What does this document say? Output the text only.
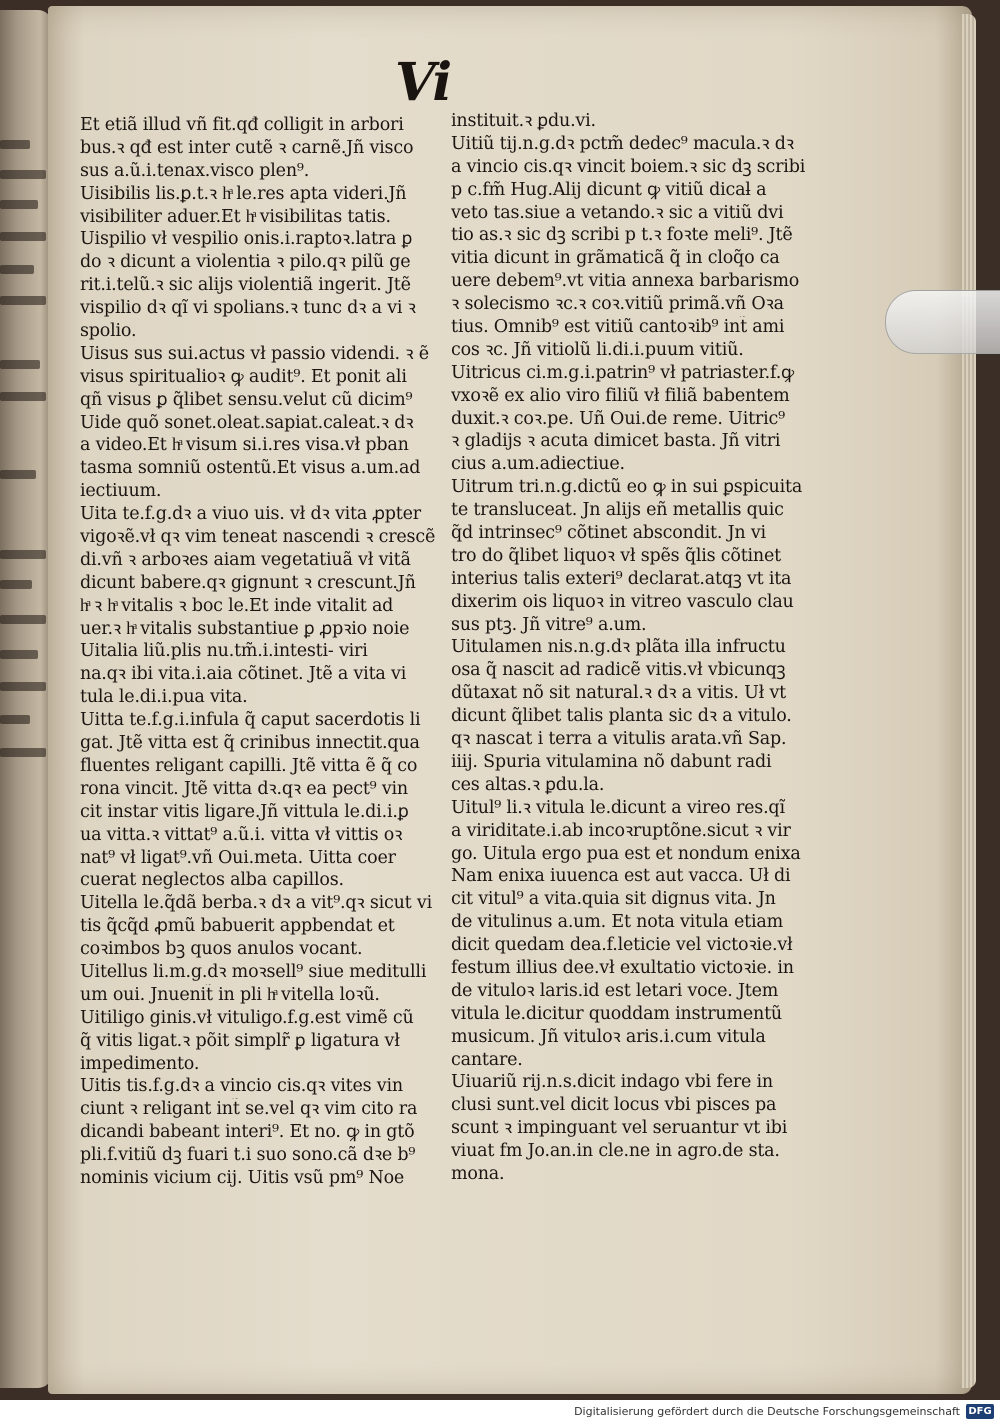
Vi
Et etiã illud vñ fit.qđ colligit in arbori
bus.ꝛ qđ est inter cutẽ ꝛ carnẽ.Jñ visco
sus a.ũ.i.tenax.visco plen⁹.
Uisibilis lis.ꝑ.t.ꝛ hͣ le.res apta videri.Jñ
visibiliter aduer.Et hͣ visibilitas tatis.
Uispilio vł vespilio onis.i.raptoꝛ.latra ꝑ
do ꝛ dicunt a violentia ꝛ pilo.qꝛ pilũ ge
rit.i.telũ.ꝛ sic alijs violentiã ingerit. Jtẽ
vispilio dꝛ qĩ vi spolians.ꝛ tunc dꝛ a vi ꝛ
spolio.
Uisus sus sui.actus vł passio videndi. ꝛ ẽ
visus spiritualioꝛ ꝙ audit⁹. Et ponit ali
qñ visus ꝑ q̃libet sensu.velut cũ dicim⁹
Uide quõ sonet.oleat.sapiat.caleat.ꝛ dꝛ
a video.Et hͣ visum si.i.res visa.vł pban
tasma somniũ ostentũ.Et visus a.um.ad
iectiuum.
Uita te.f.g.dꝛ a viuo uis. vł dꝛ vita ꝓpter
vigoꝛẽ.vł qꝛ vim teneat nascendi ꝛ crescẽ
di.vñ ꝛ arboꝛes aiam vegetatiuã vł vitã
dicunt babere.qꝛ gignunt ꝛ crescunt.Jñ
hͣ ꝛ hͣ vitalis ꝛ boc le.Et inde vitalit ad
uer.ꝛ hͣ vitalis substantiue ꝑ ꝓpꝛio noie
Uitalia liũ.plis nu.tm̃.i.intesti- viri
na.qꝛ ibi vita.i.aia cõtinet. Jtẽ a vita vi
tula le.di.i.pua vita.
Uitta te.f.g.i.infula q̃ caput sacerdotis li
gat. Jtẽ vitta est q̃ crinibus innectit.qua
fluentes religant capilli. Jtẽ vitta ẽ q̃ co
rona vincit. Jtẽ vitta dꝛ.qꝛ ea pect⁹ vin
cit instar vitis ligare.Jñ vittula le.di.i.ꝑ
ua vitta.ꝛ vittat⁹ a.ũ.i. vitta vł vittis oꝛ
nat⁹ vł ligat⁹.vñ Oui.meta. Uitta coer
cuerat neglectos alba capillos.
Uitella le.q̃dã berba.ꝛ dꝛ a vit⁹.qꝛ sicut vi
tis q̃cq̃d ꝓmũ babuerit appbendat et
coꝛimbos bꝫ quos anulos vocant.
Uitellus li.m.g.dꝛ moꝛsell⁹ siue meditulli
um oui. Jnuenit̃ in pli hͣ vitella loꝛũ.
Uitiligo ginis.vł vituligo.f.g.est vimẽ cũ
q̃ vitis ligat.ꝛ põit simplr̃ ꝑ ligatura vł
impedimento.
Uitis tis.f.g.dꝛ a vincio cis.qꝛ vites vin
ciunt ꝛ religant int̃ se.vel qꝛ vim cito ra
dicandi babeant interi⁹. Et no. ꝙ in gtõ
pli.f.vitiũ dꝫ fuari t.i suo sono.cã dꝛe b⁹
nominis vicium cij. Uitis vsũ pm⁹ Noe
instituit.ꝛ ꝑdu.vi.
Uitiũ tij.n.g.dꝛ pctm̃ dedec⁹ macula.ꝛ dꝛ
a vincio cis.qꝛ vincit boiem.ꝛ sic dꝫ scribi
p c.fm̃ Hug.Alij dicunt ꝙ vitiũ dicaƚ a
veto tas.siue a vetando.ꝛ sic a vitiũ dvi
tio as.ꝛ sic dꝫ scribi p t.ꝛ foꝛte meli⁹. Jtẽ
vitia dicunt in grãmaticã q̃ in cloq̃o ca
uere debem⁹.vt vitia annexa barbarismo
ꝛ solecismo ꝛc.ꝛ coꝛ.vitiũ primã.vñ Oꝛa
tius. Omnib⁹ est vitiũ cantoꝛib⁹ int̃ ami
cos ꝛc. Jñ vitiolũ li.di.i.puum vitiũ.
Uitricus ci.m.g.i.patrin⁹ vł patriaster.f.ꝙ
vxoꝛẽ ex alio viro filiũ vł filiã babentem
duxit.ꝛ coꝛ.pe. Uñ Oui.de reme. Uitric⁹
ꝛ gladijs ꝛ acuta dimicet basta. Jñ vitri
cius a.um.adiectiue.
Uitrum tri.n.g.dictũ eo ꝙ in sui ꝑspicuita
te transluceat. Jn alijs eñ metallis quic
q̃d intrinsec⁹ cõtinet abscondit. Jn vi
tro do q̃libet liquoꝛ vł spẽs q̃lis cõtinet
interius talis exteri⁹ declarat.atqꝫ vt ita
dixerim ois liquoꝛ in vitreo vasculo clau
sus ptꝫ. Jñ vitre⁹ a.um.
Uitulamen nis.n.g.dꝛ plãta illa infructu
osa q̃ nascit ad radicẽ vitis.vł vbicunqꝫ
dũtaxat nõ sit natural.ꝛ dꝛ a vitis. Uł vt
dicunt q̃libet talis planta sic dꝛ a vitulo.
qꝛ nascat i terra a vitulis arata.vñ Sap.
iiij. Spuria vitulamina nõ dabunt radi
ces altas.ꝛ ꝑdu.la.
Uitul⁹ li.ꝛ vitula le.dicunt a vireo res.qĩ
a viriditate.i.ab incoꝛruptõne.sicut ꝛ vir
go. Uitula ergo pua est et nondum enixa
Nam enixa iuuenca est aut vacca. Uł di
cit vitul⁹ a vita.quia sit dignus vita. Jn
de vitulinus a.um. Et nota vitula etiam
dicit quedam dea.f.leticie vel victoꝛie.vł
festum illius dee.vł exultatio victoꝛie. in
de vituloꝛ laris.id est letari voce. Jtem
vitula le.dicitur quoddam instrumentũ
musicum. Jñ vituloꝛ aris.i.cum vitula
cantare.
Uiuariũ rij.n.s.dicit indago vbi fere in
clusi sunt.vel dicit locus vbi pisces pa
scunt ꝛ impinguant vel seruantur vt ibi
viuat fm Jo.an.in cle.ne in agro.de sta.
mona.
Digitalisierung gefördert durch die Deutsche Forschungsgemeinschaft DFG
